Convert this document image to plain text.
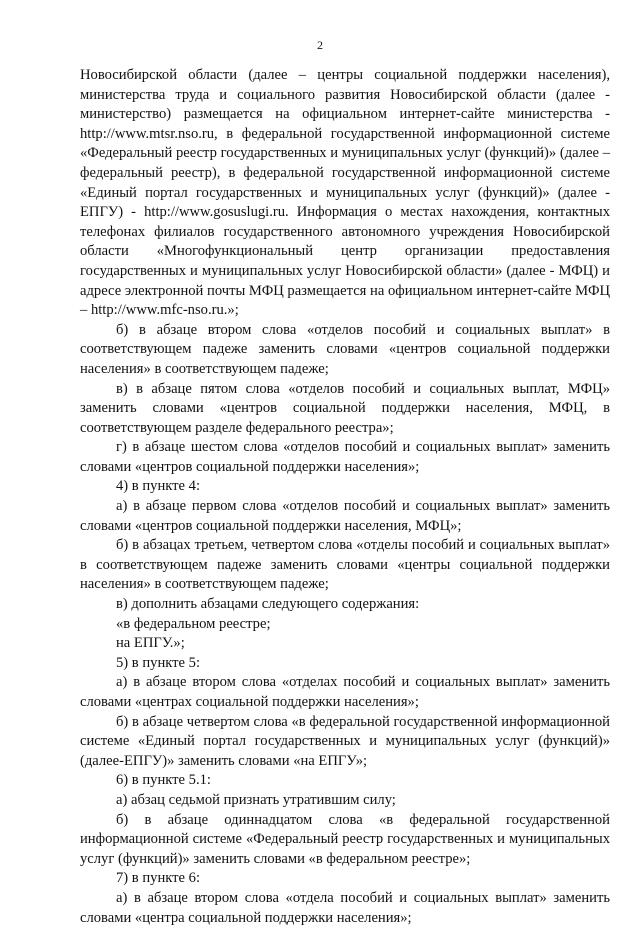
2

Новосибирской области (далее – центры социальной поддержки населения), министерства труда и социального развития Новосибирской области (далее - министерство) размещается на официальном интернет-сайте министерства - http://www.mtsr.nso.ru, в федеральной государственной информационной системе «Федеральный реестр государственных и муниципальных услуг (функций)» (далее – федеральный реестр), в федеральной государственной информационной системе «Единый портал государственных и муниципальных услуг (функций)» (далее - ЕПГУ) - http://www.gosuslugi.ru. Информация о местах нахождения, контактных телефонах филиалов государственного автономного учреждения Новосибирской области «Многофункциональный центр организации предоставления государственных и муниципальных услуг Новосибирской области» (далее - МФЦ) и адресе электронной почты МФЦ размещается на официальном интернет-сайте МФЦ – http://www.mfc-nso.ru.»;

б) в абзаце втором слова «отделов пособий и социальных выплат» в соответствующем падеже заменить словами «центров социальной поддержки населения» в соответствующем падеже;

в) в абзаце пятом слова «отделов пособий и социальных выплат, МФЦ» заменить словами «центров социальной поддержки населения, МФЦ, в соответствующем разделе федерального реестра»;

г) в абзаце шестом слова «отделов пособий и социальных выплат» заменить словами «центров социальной поддержки населения»;

4) в пункте 4:

а) в абзаце первом слова «отделов пособий и социальных выплат» заменить словами «центров социальной поддержки населения, МФЦ»;

б) в абзацах третьем, четвертом слова «отделы пособий и социальных выплат» в соответствующем падеже заменить словами «центры социальной поддержки населения» в соответствующем падеже;

в) дополнить абзацами следующего содержания:

«в федеральном реестре;

на ЕПГУ.»;

5) в пункте 5:

а) в абзаце втором слова «отделах пособий и социальных выплат» заменить словами «центрах социальной поддержки населения»;

б) в абзаце четвертом слова «в федеральной государственной информационной системе «Единый портал государственных и муниципальных услуг (функций)» (далее-ЕПГУ)» заменить словами «на ЕПГУ»;

6) в пункте 5.1:

а) абзац седьмой признать утратившим силу;

б) в абзаце одиннадцатом слова «в федеральной государственной информационной системе «Федеральный реестр государственных и муниципальных услуг (функций)» заменить словами «в федеральном реестре»;

7) в пункте 6:

а) в абзаце втором слова «отдела пособий и социальных выплат» заменить словами «центра социальной поддержки населения»;
